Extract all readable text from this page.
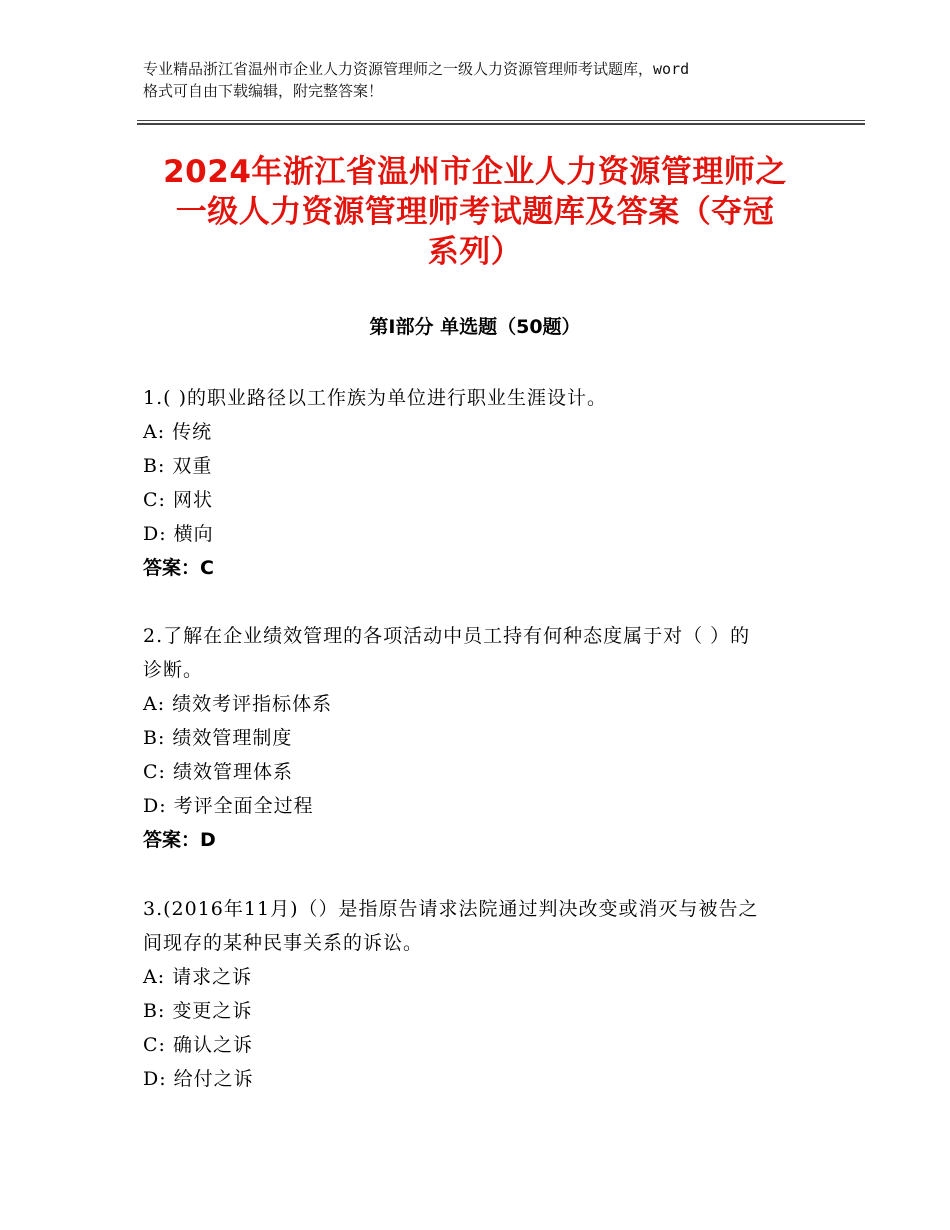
专业精品浙江省温州市企业人力资源管理师之一级人力资源管理师考试题库，word
格式可自由下载编辑，附完整答案！
2024年浙江省温州市企业人力资源管理师之
一级人力资源管理师考试题库及答案（夺冠
系列）
第Ⅰ部分 单选题（50题）
1.( )的职业路径以工作族为单位进行职业生涯设计。
A: 传统
B: 双重
C: 网状
D: 横向
答案：C
2.了解在企业绩效管理的各项活动中员工持有何种态度属于对（ ）的
诊断。
A: 绩效考评指标体系
B: 绩效管理制度
C: 绩效管理体系
D: 考评全面全过程
答案：D
3.(2016年11月)（）是指原告请求法院通过判决改变或消灭与被告之
间现存的某种民事关系的诉讼。
A: 请求之诉
B: 变更之诉
C: 确认之诉
D: 给付之诉
